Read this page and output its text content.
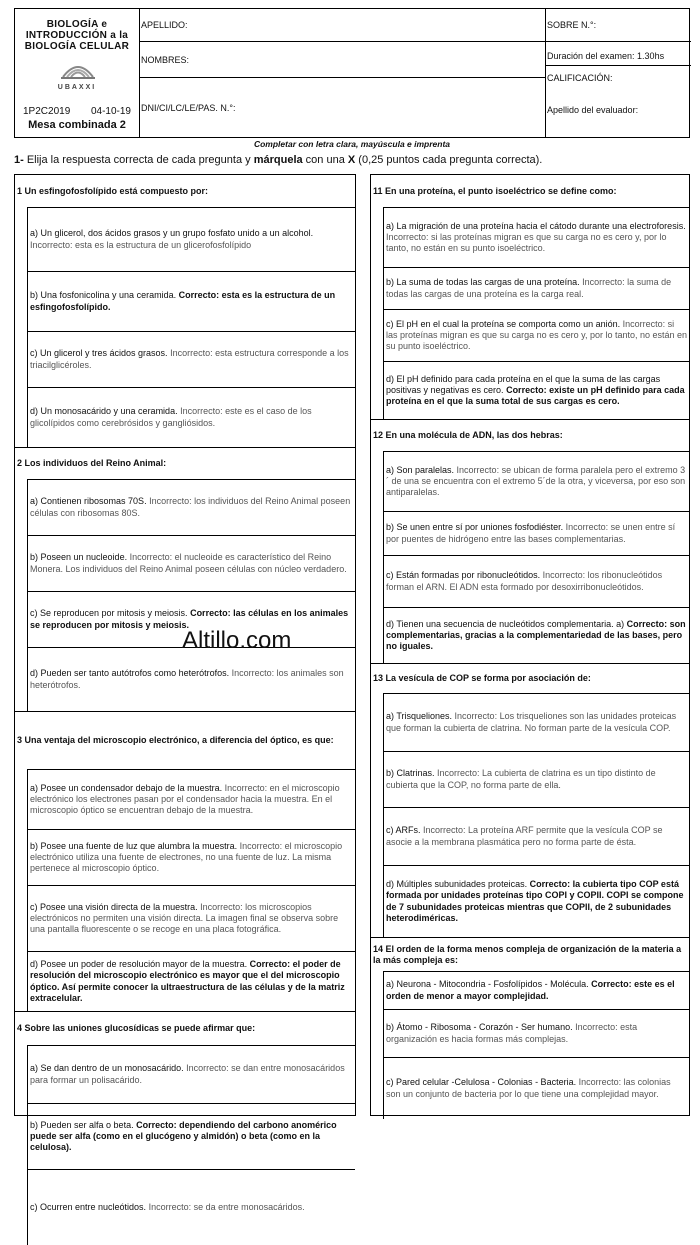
BIOLOGÍA e
INTRODUCCIÓN a la
BIOLOGÍA CELULAR
UBAXXI
1P2C2019 04-10-19
Mesa combinada 2
APELLIDO:
NOMBRES:
DNI/CI/LC/LE/PAS. N.°:
SOBRE N.°:
Duración del examen: 1.30hs
CALIFICACIÓN:
Apellido del evaluador:
Completar con letra clara, mayúscula e imprenta
1- Elija la respuesta correcta de cada pregunta y márquela con una X (0,25 puntos cada pregunta correcta).
1 Un esfingofosfolípido está compuesto por:
a) Un glicerol, dos ácidos grasos y un grupo fosfato unido a un alcohol. Incorrecto: esta es la estructura de un glicerofosfolípido
b) Una fosfonicolina y una ceramida. Correcto: esta es la estructura de un esfingofosfolípido.
c) Un glicerol y tres ácidos grasos. Incorrecto: esta estructura corresponde a los triacilglicéroles.
d) Un monosacárido y una ceramida. Incorrecto: este es el caso de los glicolípidos como cerebrósidos y gangliósidos.
2 Los individuos del Reino Animal:
a) Contienen ribosomas 70S. Incorrecto: los individuos del Reino Animal poseen células con ribosomas 80S.
b) Poseen un nucleoide. Incorrecto: el nucleoide es característico del Reino Monera. Los individuos del Reino Animal poseen células con núcleo verdadero.
c) Se reproducen por mitosis y meiosis. Correcto: las células en los animales se reproducen por mitosis y meiosis.
d) Pueden ser tanto autótrofos como heterótrofos. Incorrecto: los animales son heterótrofos.
3 Una ventaja del microscopio electrónico, a diferencia del óptico, es que:
a) Posee un condensador debajo de la muestra. Incorrecto: en el microscopio electrónico los electrones pasan por el condensador hacia la muestra. En el microscopio óptico se encuentran debajo de la muestra.
b) Posee una fuente de luz que alumbra la muestra. Incorrecto: el microscopio electrónico utiliza una fuente de electrones, no una fuente de luz. La misma pertenece al microscopio óptico.
c) Posee una visión directa de la muestra. Incorrecto: los microscopios electrónicos no permiten una visión directa. La imagen final se observa sobre una pantalla fluorescente o se recoge en una placa fotográfica.
d) Posee un poder de resolución mayor de la muestra. Correcto: el poder de resolución del microscopio electrónico es mayor que el del microscopio óptico. Así permite conocer la ultraestructura de las células y de la matriz extracelular.
4 Sobre las uniones glucosídicas se puede afirmar que:
a) Se dan dentro de un monosacárido. Incorrecto: se dan entre monosacáridos para formar un polisacárido.
b) Pueden ser alfa o beta. Correcto: dependiendo del carbono anomérico puede ser alfa (como en el glucógeno y almidón) o beta (como en la celulosa).
c) Ocurren entre nucleótidos. Incorrecto: se da entre monosacáridos.
11 En una proteína, el punto isoeléctrico se define como:
a) La migración de una proteína hacia el cátodo durante una electroforesis. Incorrecto: si las proteínas migran es que su carga no es cero y, por lo tanto, no están en su punto isoeléctrico.
b) La suma de todas las cargas de una proteína. Incorrecto: la suma de todas las cargas de una proteína es la carga real.
c) El pH en el cual la proteína se comporta como un anión. Incorrecto: si las proteínas migran es que su carga no es cero y, por lo tanto, no están en su punto isoeléctrico.
d) El pH definido para cada proteína en el que la suma de las cargas positivas y negativas es cero. Correcto: existe un pH definido para cada proteína en el que la suma total de sus cargas es cero.
12 En una molécula de ADN, las dos hebras:
a) Son paralelas. Incorrecto: se ubican de forma paralela pero el extremo 3´ de una se encuentra con el extremo 5´de la otra, y viceversa, por eso son antiparalelas.
b) Se unen entre sí por uniones fosfodiéster. Incorrecto: se unen entre sí por puentes de hidrógeno entre las bases complementarias.
c) Están formadas por ribonucleótidos. Incorrecto: los ribonucleótidos forman el ARN. El ADN esta formado por desoxirribonucleótidos.
d) Tienen una secuencia de nucleótidos complementaria. a) Correcto: son complementarias, gracias a la complementariedad de las bases, pero no iguales.
13 La vesícula de COP se forma por asociación de:
a) Trisqueliones. Incorrecto: Los trisqueliones son las unidades proteicas que forman la cubierta de clatrina. No forman parte de la vesícula COP.
b) Clatrinas. Incorrecto: La cubierta de clatrina es un tipo distinto de cubierta que la COP, no forma parte de ella.
c) ARFs. Incorrecto: La proteína ARF permite que la vesícula COP se asocie a la membrana plasmática pero no forma parte de ésta.
d) Múltiples subunidades proteicas. Correcto: la cubierta tipo COP está formada por unidades proteínas tipo COPI y COPII. COPI se compone de 7 subunidades proteicas mientras que COPII, de 2 subunidades heterodiméricas.
14 El orden de la forma menos compleja de organización de la materia a la más compleja es:
a) Neurona - Mitocondria - Fosfolípidos - Molécula. Correcto: este es el orden de menor a mayor complejidad.
b) Átomo - Ribosoma - Corazón - Ser humano. Incorrecto: esta organización es hacia formas más complejas.
c) Pared celular -Celulosa - Colonias - Bacteria. Incorrecto: las colonias son un conjunto de bacteria por lo que tiene una complejidad mayor.
Altillo.com
